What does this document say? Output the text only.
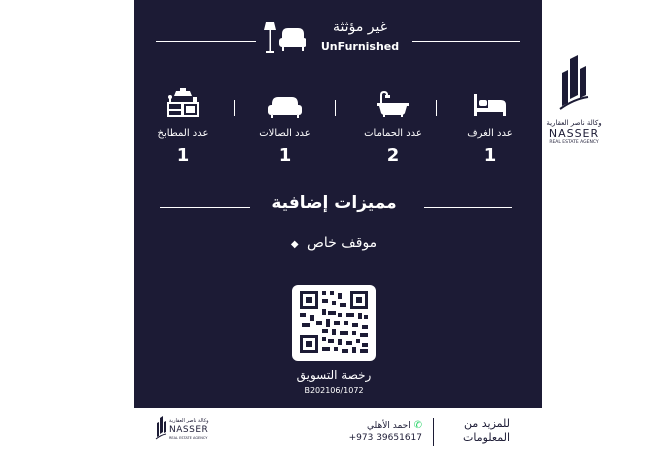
غير مؤثثة
UnFurnished
عدد الغرف
1
عدد الحمامات
2
عدد الصالات
1
عدد المطابخ
1
مميزات إضافية
موقف خاص ◆
رخصة التسويق
B202106/1072
وكالة ناصر العقارية
NASSER
REAL ESTATE AGENCY
وكالة ناصر العقارية
NASSER
REAL ESTATE AGENCY
✆ احمد الأهلي
+973 39651617
للمزيد من
المعلومات
